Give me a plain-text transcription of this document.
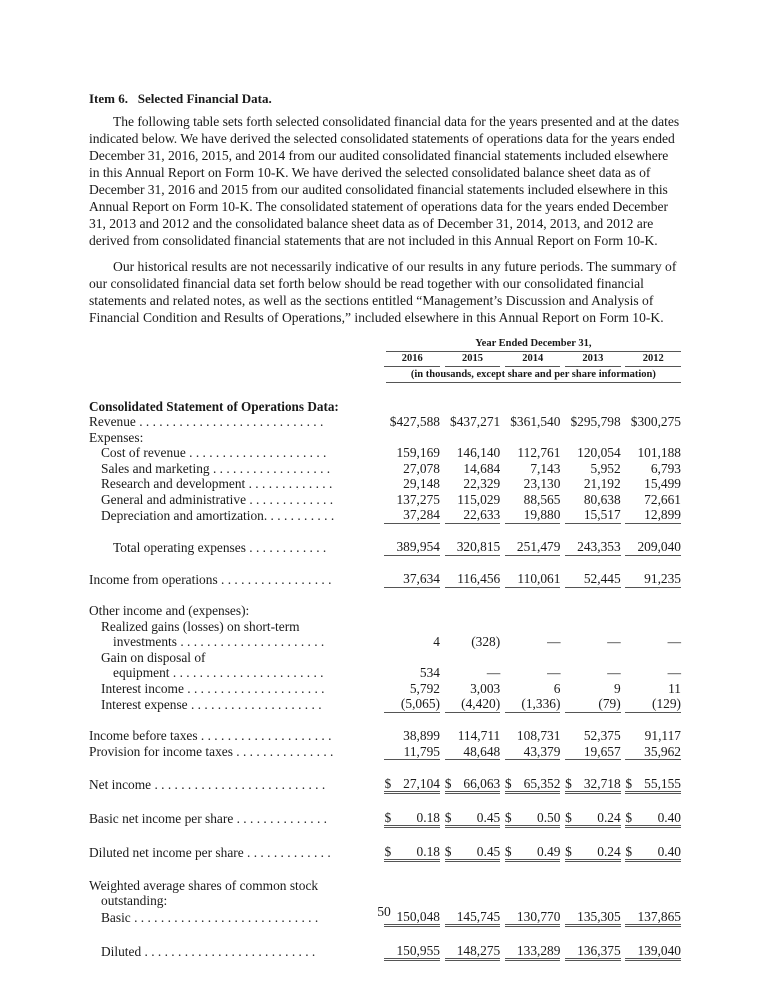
Item 6. Selected Financial Data.

The following table sets forth selected consolidated financial data for the years presented and at the dates indicated below. We have derived the selected consolidated statements of operations data for the years ended December 31, 2016, 2015, and 2014 from our audited consolidated financial statements included elsewhere in this Annual Report on Form 10-K. We have derived the selected consolidated balance sheet data as of December 31, 2016 and 2015 from our audited consolidated financial statements included elsewhere in this Annual Report on Form 10-K. The consolidated statement of operations data for the years ended December 31, 2013 and 2012 and the consolidated balance sheet data as of December 31, 2014, 2013, and 2012 are derived from consolidated financial statements that are not included in this Annual Report on Form 10-K.

Our historical results are not necessarily indicative of our results in any future periods. The summary of our consolidated financial data set forth below should be read together with our consolidated financial statements and related notes, as well as the sections entitled “Management’s Discussion and Analysis of Financial Condition and Results of Operations,” included elsewhere in this Annual Report on Form 10-K.

	Year Ended December 31,									

		2016		2015		2014		2013		2012

	(in thousands, except share and per share information)									

Consolidated Statement of Operations Data:										
Revenue . . . . . . . . . . . . . . . . . . . . . . . . . . . .		$427,588		$437,271		$361,540		$295,798		$300,275
Expenses:										
Cost of revenue . . . . . . . . . . . . . . . . . . . . .		159,169		146,140		112,761		120,054		101,188
Sales and marketing . . . . . . . . . . . . . . . . . .		27,078		14,684		7,143		5,952		6,793
Research and development . . . . . . . . . . . . .		29,148		22,329		23,130		21,192		15,499
General and administrative . . . . . . . . . . . . .		137,275		115,029		88,565		80,638		72,661
Depreciation and amortization. . . . . . . . . . .		37,284		22,633		19,880		15,517		12,899

Total operating expenses . . . . . . . . . . . .		389,954		320,815		251,479		243,353		209,040

Income from operations . . . . . . . . . . . . . . . . .		37,634		116,456		110,061		52,445		91,235

Other income and (expenses):										
Realized gains (losses) on short-term										
investments . . . . . . . . . . . . . . . . . . . . . .		4		(328)		—		—		—
Gain on disposal of										
equipment . . . . . . . . . . . . . . . . . . . . . . .		534		—		—		—		—
Interest income . . . . . . . . . . . . . . . . . . . . .		5,792		3,003		6		9		11
Interest expense . . . . . . . . . . . . . . . . . . . .		(5,065)		(4,420)		(1,336)		(79)		(129)

Income before taxes . . . . . . . . . . . . . . . . . . . .		38,899		114,711		108,731		52,375		91,117
Provision for income taxes . . . . . . . . . . . . . . .		11,795		48,648		43,379		19,657		35,962

Net income . . . . . . . . . . . . . . . . . . . . . . . . . .		$ 27,104		$ 66,063		$ 65,352		$ 32,718		$ 55,155

Basic net income per share . . . . . . . . . . . . . .		$ 0.18		$ 0.45		$ 0.50		$ 0.24		$ 0.40

Diluted net income per share . . . . . . . . . . . . .		$ 0.18		$ 0.45		$ 0.49		$ 0.24		$ 0.40

Weighted average shares of common stock										
outstanding:										
Basic . . . . . . . . . . . . . . . . . . . . . . . . . . . .		150,048		145,745		130,770		135,305		137,865

Diluted . . . . . . . . . . . . . . . . . . . . . . . . . .		150,955		148,275		133,289		136,375		139,040
50
